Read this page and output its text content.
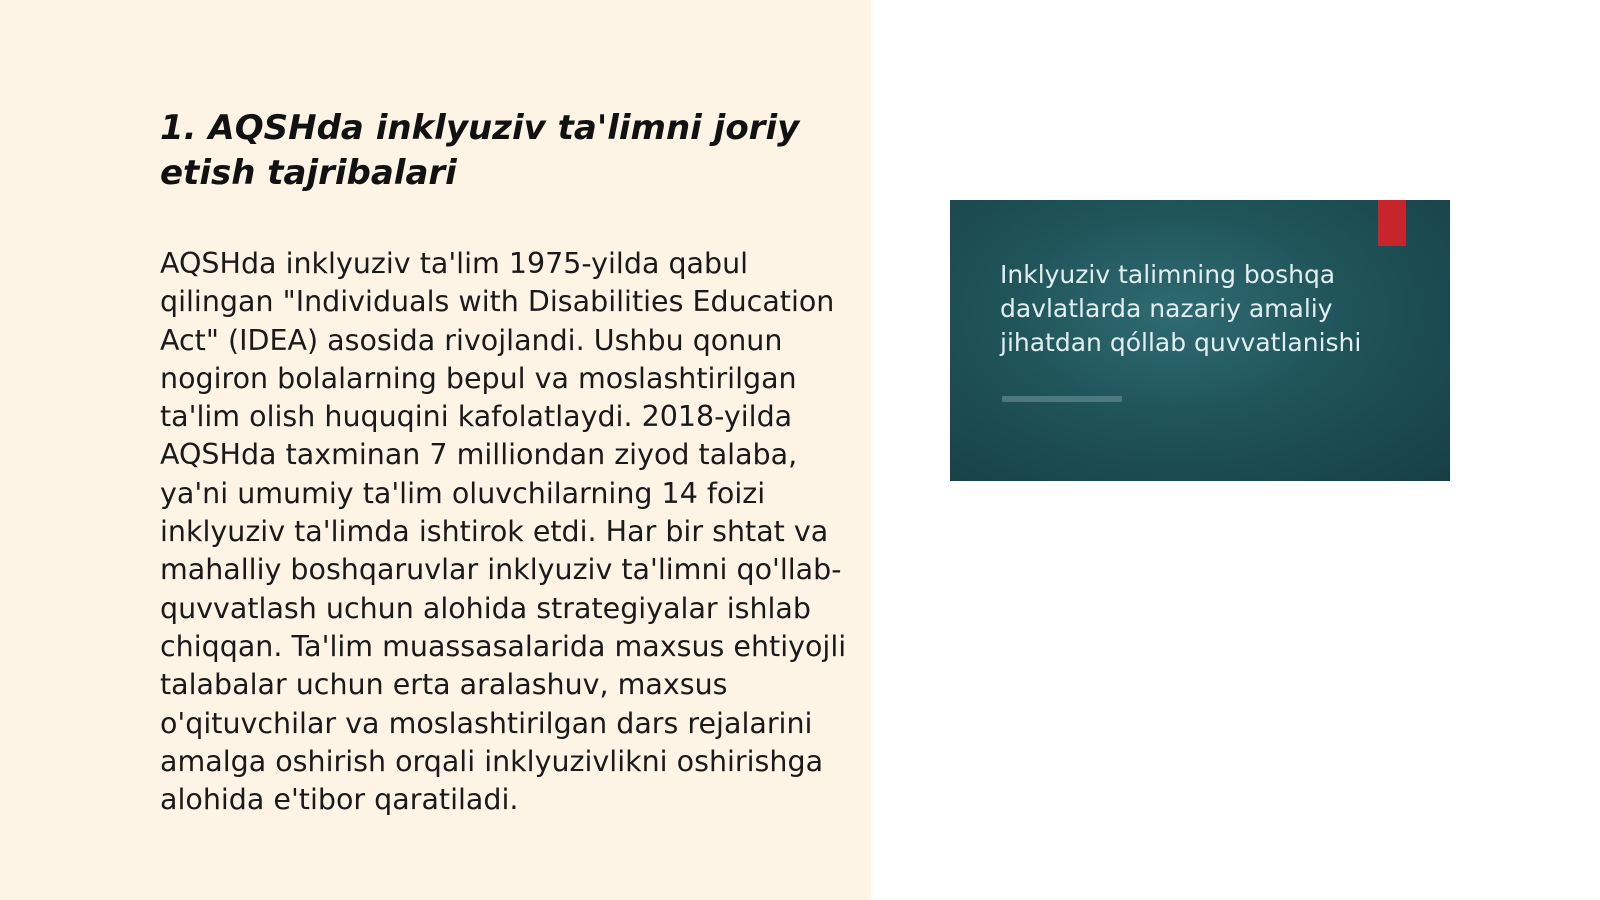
1. AQSHda inklyuziv ta'limni joriy etish tajribalari

AQSHda inklyuziv ta'lim 1975-yilda qabul qilingan "Individuals with Disabilities Education Act" (IDEA) asosida rivojlandi. Ushbu qonun nogiron bolalarning bepul va moslashtirilgan ta'lim olish huquqini kafolatlaydi. 2018-yilda AQSHda taxminan 7 milliondan ziyod talaba, ya'ni umumiy ta'lim oluvchilarning 14 foizi inklyuziv ta'limda ishtirok etdi. Har bir shtat va mahalliy boshqaruvlar inklyuziv ta'limni qo'llab-quvvatlash uchun alohida strategiyalar ishlab chiqqan. Ta'lim muassasalarida maxsus ehtiyojli talabalar uchun erta aralashuv, maxsus o'qituvchilar va moslashtirilgan dars rejalarini amalga oshirish orqali inklyuzivlikni oshirishga alohida e'tibor qaratiladi.

Inklyuziv talimning boshqa davlatlarda nazariy amaliy jihatdan qóllab quvvatlanishi
